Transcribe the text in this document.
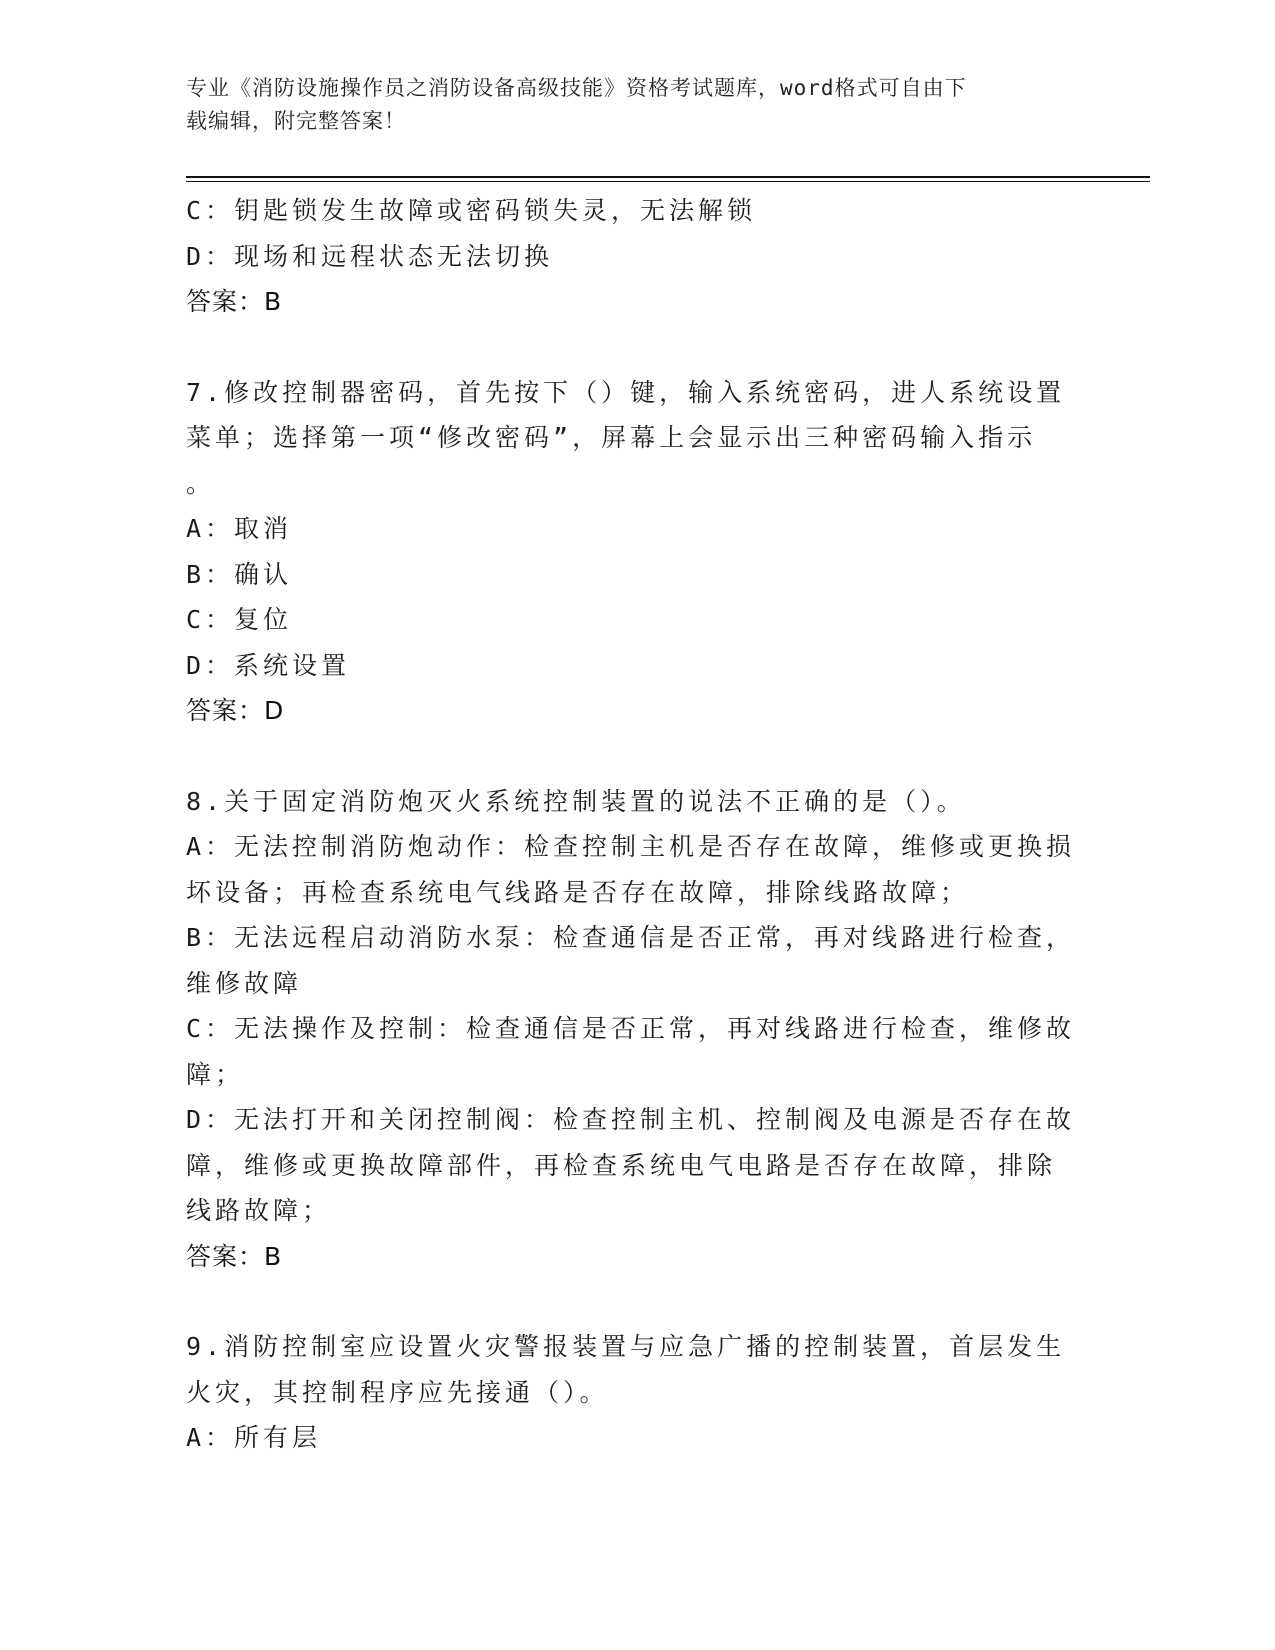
专业《消防设施操作员之消防设备高级技能》资格考试题库，word格式可自由下
载编辑，附完整答案！
C：钥匙锁发生故障或密码锁失灵，无法解锁
D：现场和远程状态无法切换
答案：B
7.修改控制器密码，首先按下（）键，输入系统密码，进人系统设置
菜单；选择第一项“修改密码”，屏幕上会显示出三种密码输入指示
。
A：取消
B：确认
C：复位
D：系统设置
答案：D
8.关于固定消防炮灭火系统控制装置的说法不正确的是（）。
A：无法控制消防炮动作：检查控制主机是否存在故障，维修或更换损
坏设备；再检查系统电气线路是否存在故障，排除线路故障；
B：无法远程启动消防水泵：检查通信是否正常，再对线路进行检查，
维修故障
C：无法操作及控制：检查通信是否正常，再对线路进行检查，维修故
障；
D：无法打开和关闭控制阀：检查控制主机、控制阀及电源是否存在故
障，维修或更换故障部件，再检查系统电气电路是否存在故障，排除
线路故障；
答案：B
9.消防控制室应设置火灾警报装置与应急广播的控制装置，首层发生
火灾，其控制程序应先接通（）。
A：所有层
